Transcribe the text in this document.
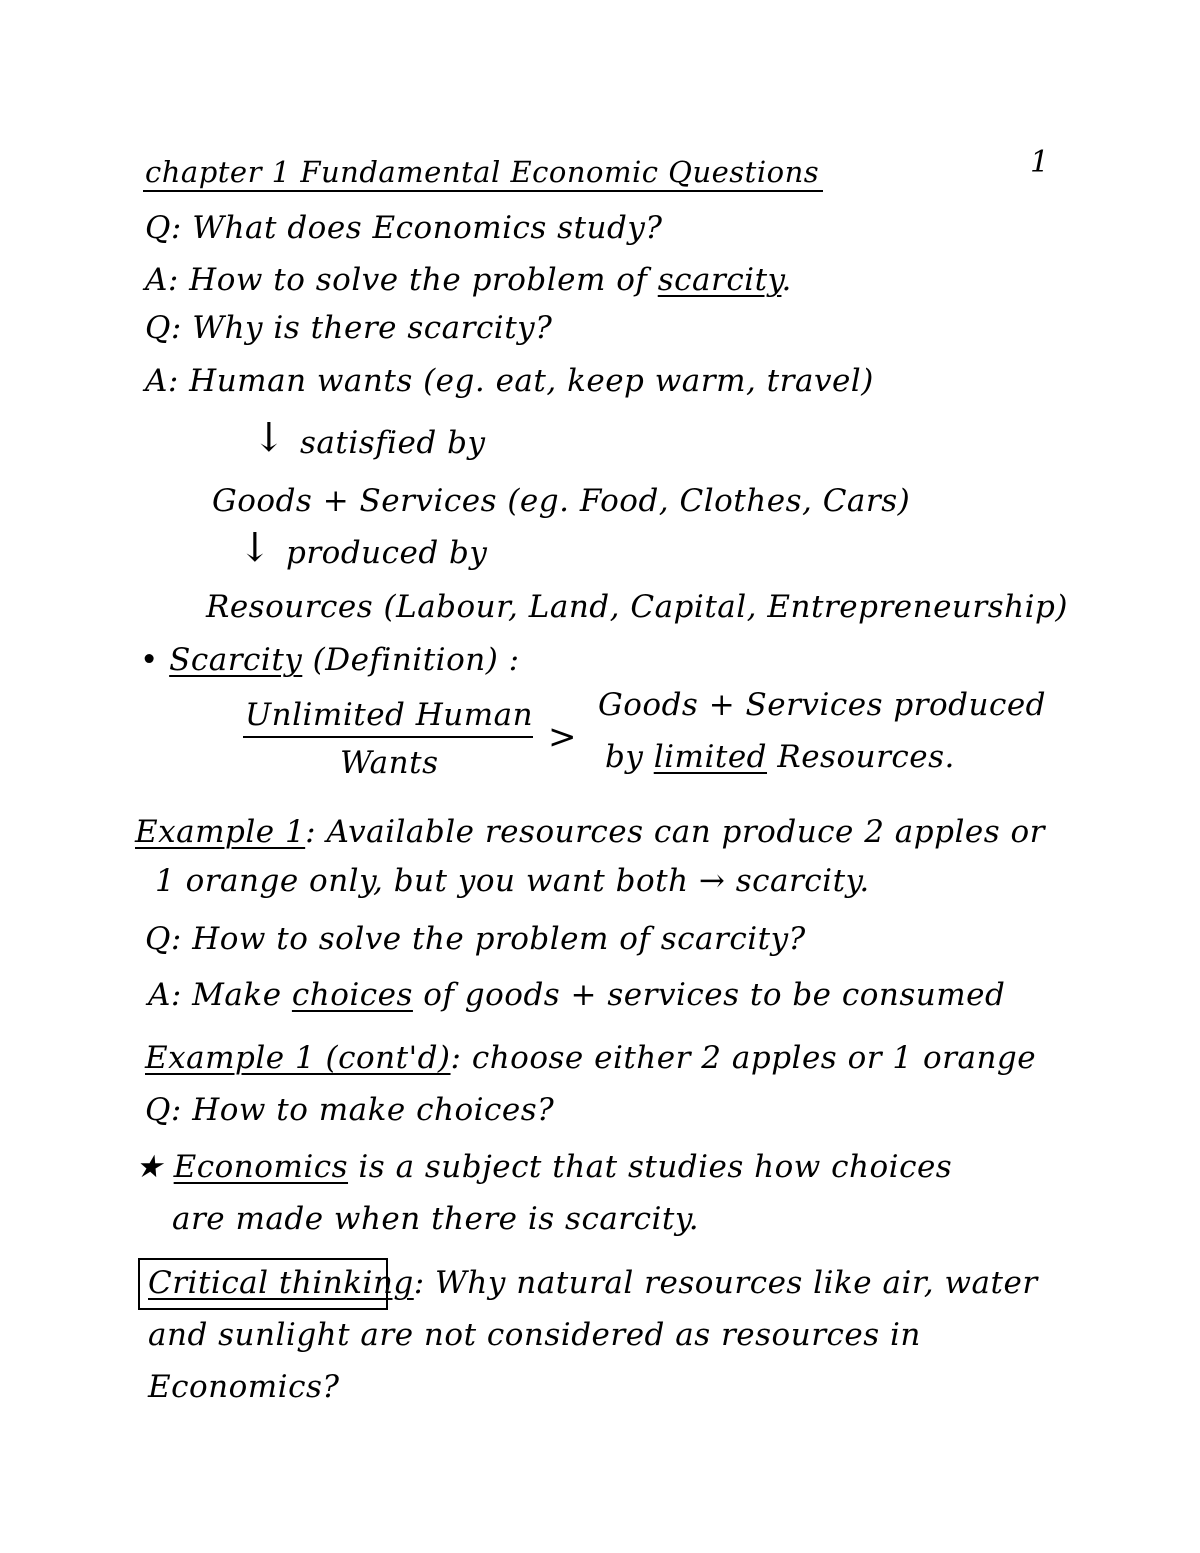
1
chapter 1 Fundamental Economic Questions
Q: What does Economics study?
A: How to solve the problem of scarcity.
Q: Why is there scarcity?
A: Human wants (eg. eat, keep warm, travel)
↓ satisfied by
Goods + Services (eg. Food, Clothes, Cars)
↓ produced by
Resources (Labour, Land, Capital, Entrepreneurship)
• Scarcity (Definition) :
Unlimited Human
Wants
>
Goods + Services produced
by limited Resources.
Example 1: Available resources can produce 2 apples or
1 orange only, but you want both → scarcity.
Q: How to solve the problem of scarcity?
A: Make choices of goods + services to be consumed
Example 1 (cont'd): choose either 2 apples or 1 orange
Q: How to make choices?
★ Economics is a subject that studies how choices
are made when there is scarcity.
Critical thinking: Why natural resources like air, water
and sunlight are not considered as resources in
Economics?
